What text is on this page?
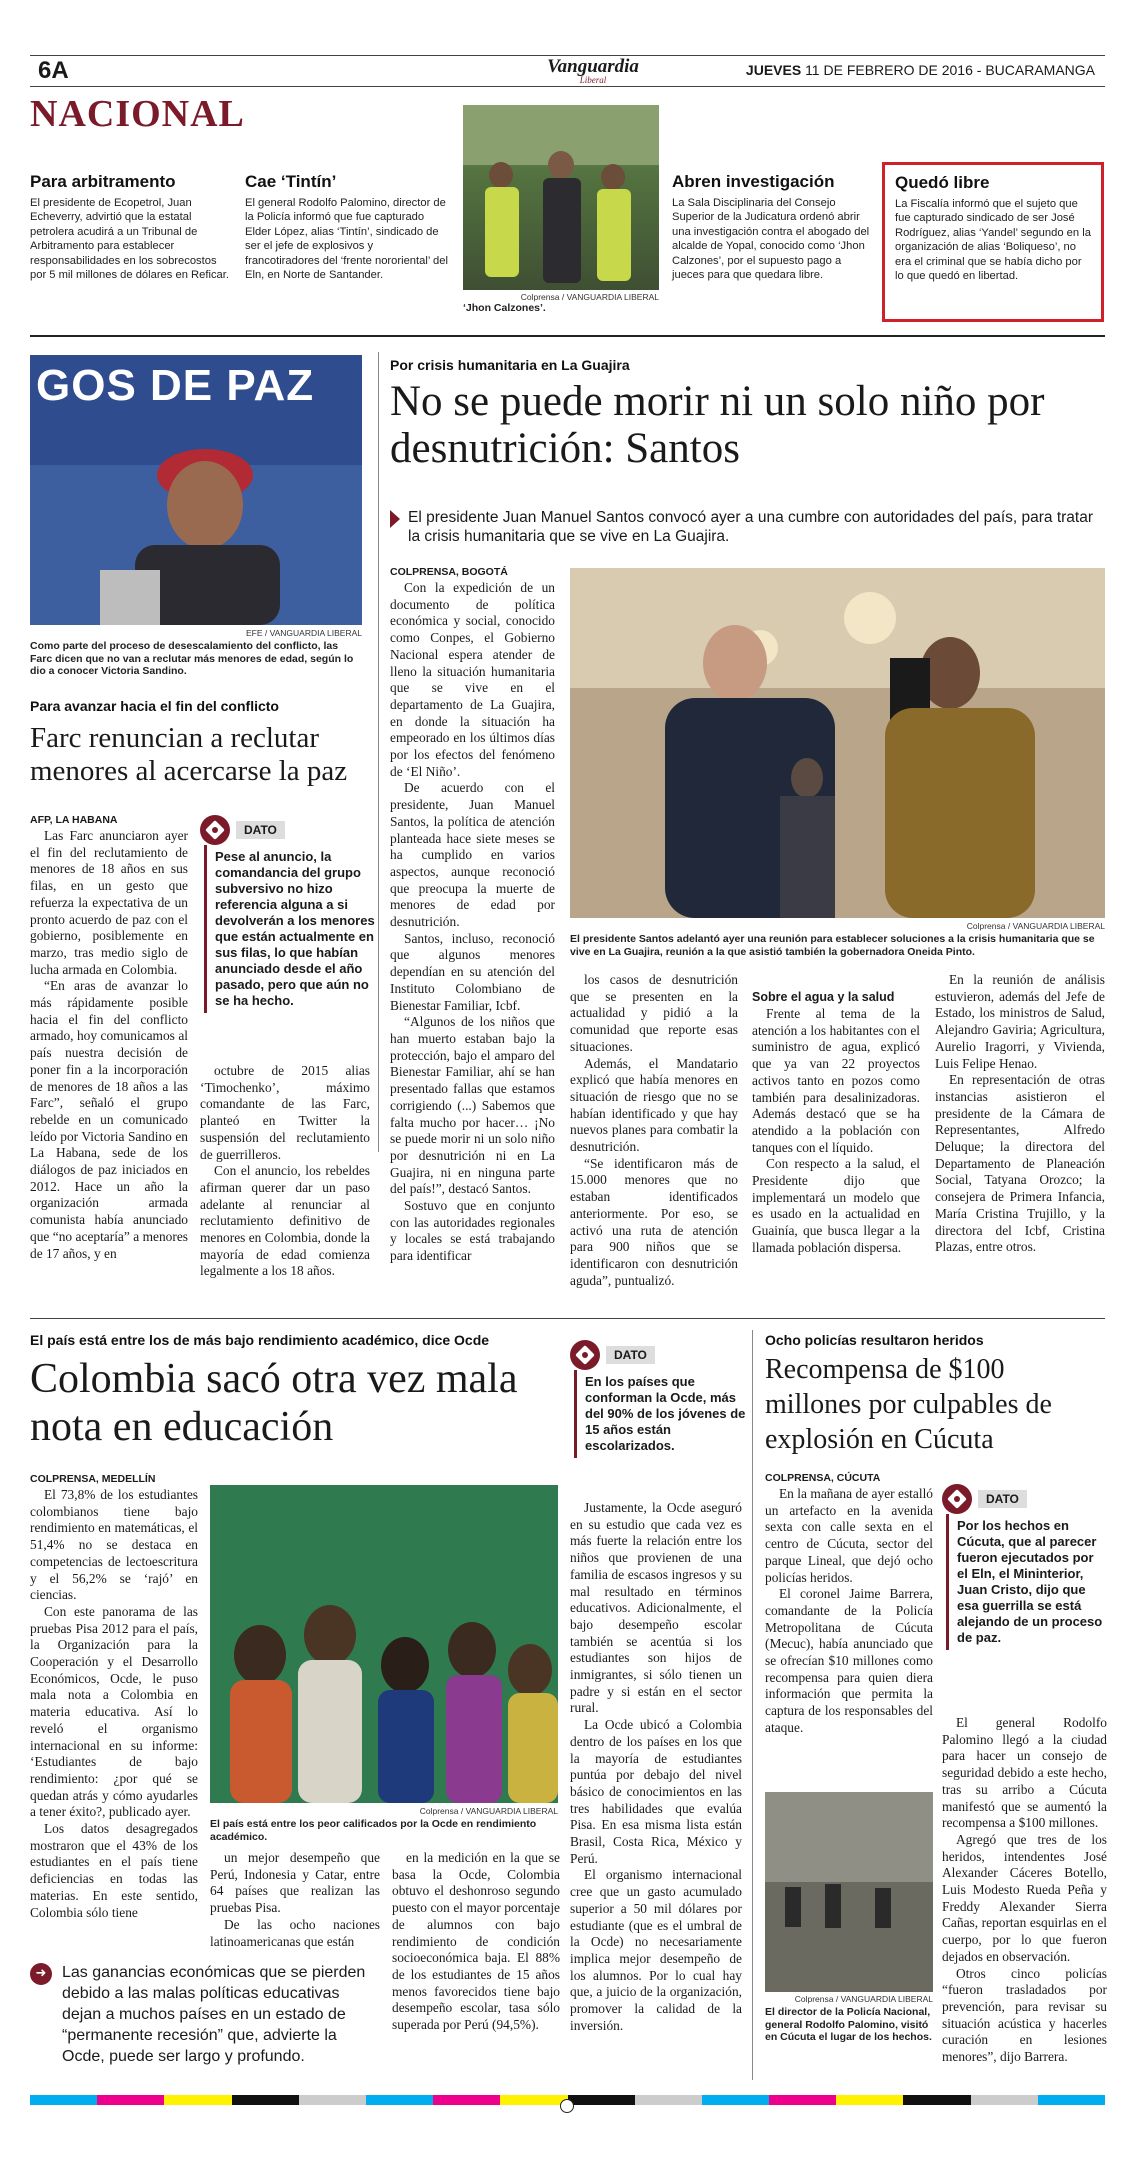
6A	Vanguardia
Liberal
JUEVES 11 DE FEBRERO DE 2016 - BUCARAMANGA
NACIONAL
Para arbitramento
El presidente de Ecopetrol, Juan Echeverry, advirtió que la estatal petrolera acudirá a un Tribunal de Arbitramento para establecer responsabilidades en los sobrecostos por 5 mil millones de dólares en Reficar.
Cae ‘Tintín’
El general Rodolfo Palomino, director de la Policía informó que fue capturado Elder López, alias ‘Tintín’, sindicado de ser el jefe de explosivos y francotiradores del ‘frente nororiental’ del Eln, en Norte de Santander.
Colprensa / VANGUARDIA LIBERAL
‘Jhon Calzones’.
Abren investigación
La Sala Disciplinaria del Consejo Superior de la Judicatura ordenó abrir una investigación contra el abogado del alcalde de Yopal, conocido como ‘Jhon Calzones’, por el supuesto pago a jueces para que quedara libre.
Quedó libre
La Fiscalía informó que el sujeto que fue capturado sindicado de ser José Rodríguez, alias ‘Yandel’ segundo en la organización de alias ‘Boliqueso’, no era el criminal que se había dicho por lo que quedó en libertad.
GOS DE PAZ
EFE / VANGUARDIA LIBERAL
Como parte del proceso de desescalamiento del conflicto, las Farc dicen que no van a reclutar más menores de edad, según lo dio a conocer Victoria Sandino.
Para avanzar hacia el fin del conflicto
Farc renuncian a reclutar menores al acercarse la paz
AFP, LA HABANA

Las Farc anunciaron ayer el fin del reclutamiento de menores de 18 años en sus filas, en un gesto que refuerza la expectativa de un pronto acuerdo de paz con el gobierno, posiblemente en marzo, tras medio siglo de lucha armada en Colombia.

“En aras de avanzar lo más rápidamente posible hacia el fin del conflicto armado, hoy comunicamos al país nuestra decisión de poner fin a la incorporación de menores de 18 años a las Farc”, señaló el grupo rebelde en un comunicado leído por Victoria Sandino en La Habana, sede de los diálogos de paz iniciados en 2012. Hace un año la organización armada comunista había anunciado que “no aceptaría” a menores de 17 años, y en

DATO
Pese al anuncio, la comandancia del grupo subversivo no hizo referencia alguna a si devolverán a los menores que están actualmente en sus filas, lo que habían anunciado desde el año pasado, pero que aún no se ha hecho.

octubre de 2015 alias ‘Timochenko’, máximo comandante de las Farc, planteó en Twitter la suspensión del reclutamiento de guerrilleros.

Con el anuncio, los rebeldes afirman querer dar un paso adelante al renunciar al reclutamiento definitivo de menores en Colombia, donde la mayoría de edad comienza legalmente a los 18 años.

Por crisis humanitaria en La Guajira
No se puede morir ni un solo niño por desnutrición: Santos
El presidente Juan Manuel Santos convocó ayer a una cumbre con autoridades del país, para tratar la crisis humanitaria que se vive en La Guajira.
COLPRENSA, BOGOTÁ

Con la expedición de un documento de política económica y social, conocido como Conpes, el Gobierno Nacional espera atender de lleno la situación humanitaria que se vive en el departamento de La Guajira, en donde la situación ha empeorado en los últimos días por los efectos del fenómeno de ‘El Niño’.

De acuerdo con el presidente, Juan Manuel Santos, la política de atención planteada hace siete meses se ha cumplido en varios aspectos, aunque reconoció que preocupa la muerte de menores de edad por desnutrición.

Santos, incluso, reconoció que algunos menores dependían en su atención del Instituto Colombiano de Bienestar Familiar, Icbf.

“Algunos de los niños que han muerto estaban bajo la protección, bajo el amparo del Bienestar Familiar, ahí se han presentado fallas que estamos corrigiendo (...) Sabemos que falta mucho por hacer… ¡No se puede morir ni un solo niño por desnutrición ni en La Guajira, ni en ninguna parte del país!”, destacó Santos.

Sostuvo que en conjunto con las autoridades regionales y locales se está trabajando para identificar

Colprensa / VANGUARDIA LIBERAL
El presidente Santos adelantó ayer una reunión para establecer soluciones a la crisis humanitaria que se vive en La Guajira, reunión a la que asistió también la gobernadora Oneida Pinto.

los casos de desnutrición que se presenten en la actualidad y pidió a la comunidad que reporte esas situaciones.

Además, el Mandatario explicó que había menores en situación de riesgo que no se habían identificado y que hay nuevos planes para combatir la desnutrición.

“Se identificaron más de 15.000 menores que no estaban identificados anteriormente. Por eso, se activó una ruta de atención para 900 niños que se identificaron con desnutrición aguda”, puntualizó.

Sobre el agua y la salud

Frente al tema de la atención a los habitantes con el suministro de agua, explicó que ya van 22 proyectos activos tanto en pozos como también para desalinizadoras. Además destacó que se ha atendido a la población con tanques con el líquido.

Con respecto a la salud, el Presidente dijo que implementará un modelo que es usado en la actualidad en Guainía, que busca llegar a la llamada población dispersa.

En la reunión de análisis estuvieron, además del Jefe de Estado, los ministros de Salud, Alejandro Gaviria; Agricultura, Aurelio Iragorri, y Vivienda, Luis Felipe Henao.

En representación de otras instancias asistieron el presidente de la Cámara de Representantes, Alfredo Deluque; la directora del Departamento de Planeación Social, Tatyana Orozco; la consejera de Primera Infancia, María Cristina Trujillo, y la directora del Icbf, Cristina Plazas, entre otros.

El país está entre los de más bajo rendimiento académico, dice Ocde
Colombia sacó otra vez mala nota en educación
COLPRENSA, MEDELLÍN

El 73,8% de los estudiantes colombianos tiene bajo rendimiento en matemáticas, el 51,4% no se destaca en competencias de lectoescritura y el 56,2% se ‘rajó’ en ciencias.

Con este panorama de las pruebas Pisa 2012 para el país, la Organización para la Cooperación y el Desarrollo Económicos, Ocde, le puso mala nota a Colombia en materia educativa. Así lo reveló el organismo internacional en su informe: ‘Estudiantes de bajo rendimiento: ¿por qué se quedan atrás y cómo ayudarles a tener éxito?, publicado ayer.

Los datos desagregados mostraron que el 43% de los estudiantes en el país tiene deficiencias en todas las materias. En este sentido, Colombia sólo tiene

Colprensa / VANGUARDIA LIBERAL
El país está entre los peor calificados por la Ocde en rendimiento académico.

un mejor desempeño que Perú, Indonesia y Catar, entre 64 países que realizan las pruebas Pisa.

De las ocho naciones latinoamericanas que están

en la medición en la que se basa la Ocde, Colombia obtuvo el deshonroso segundo puesto con el mayor porcentaje de alumnos con bajo rendimiento de condición socioeconómica baja. El 88% de los estudiantes de 15 años menos favorecidos tiene bajo desempeño escolar, tasa sólo superada por Perú (94,5%).

➜ Las ganancias económicas que se pierden debido a las malas políticas educativas dejan a muchos países en un estado de “permanente recesión” que, advierte la Ocde, puede ser largo y profundo.
DATO
En los países que conforman la Ocde, más del 90% de los jóvenes de 15 años están escolarizados.

Justamente, la Ocde aseguró en su estudio que cada vez es más fuerte la relación entre los niños que provienen de una familia de escasos ingresos y su mal resultado en términos educativos. Adicionalmente, el bajo desempeño escolar también se acentúa si los estudiantes son hijos de inmigrantes, si sólo tienen un padre y si están en el sector rural.

La Ocde ubicó a Colombia dentro de los países en los que la mayoría de estudiantes puntúa por debajo del nivel básico de conocimientos en las tres habilidades que evalúa Pisa. En esa misma lista están Brasil, Costa Rica, México y Perú.

El organismo internacional cree que un gasto acumulado superior a 50 mil dólares por estudiante (que es el umbral de la Ocde) no necesariamente implica mejor desempeño de los alumnos. Por lo cual hay que, a juicio de la organización, promover la calidad de la inversión.

Ocho policías resultaron heridos
Recompensa de $100 millones por culpables de explosión en Cúcuta
COLPRENSA, CÚCUTA

En la mañana de ayer estalló un artefacto en la avenida sexta con calle sexta en el centro de Cúcuta, sector del parque Lineal, que dejó ocho policías heridos.

El coronel Jaime Barrera, comandante de la Policía Metropolitana de Cúcuta (Mecuc), había anunciado que se ofrecían $10 millones como recompensa para quien diera información que permita la captura de los responsables del ataque.

DATO
Por los hechos en Cúcuta, que al parecer fueron ejecutados por el Eln, el Mininterior, Juan Cristo, dijo que esa guerrilla se está alejando de un proceso de paz.
Colprensa / VANGUARDIA LIBERAL
El director de la Policía Nacional, general Rodolfo Palomino, visitó en Cúcuta el lugar de los hechos.

El general Rodolfo Palomino llegó a la ciudad para hacer un consejo de seguridad debido a este hecho, tras su arribo a Cúcuta manifestó que se aumentó la recompensa a $100 millones.

Agregó que tres de los heridos, intendentes José Alexander Cáceres Botello, Luis Modesto Rueda Peña y Freddy Alexander Sierra Cañas, reportan esquirlas en el cuerpo, por lo que fueron dejados en observación.

Otros cinco policías “fueron trasladados por prevención, para revisar su situación acústica y hacerles curación en lesiones menores”, dijo Barrera.
